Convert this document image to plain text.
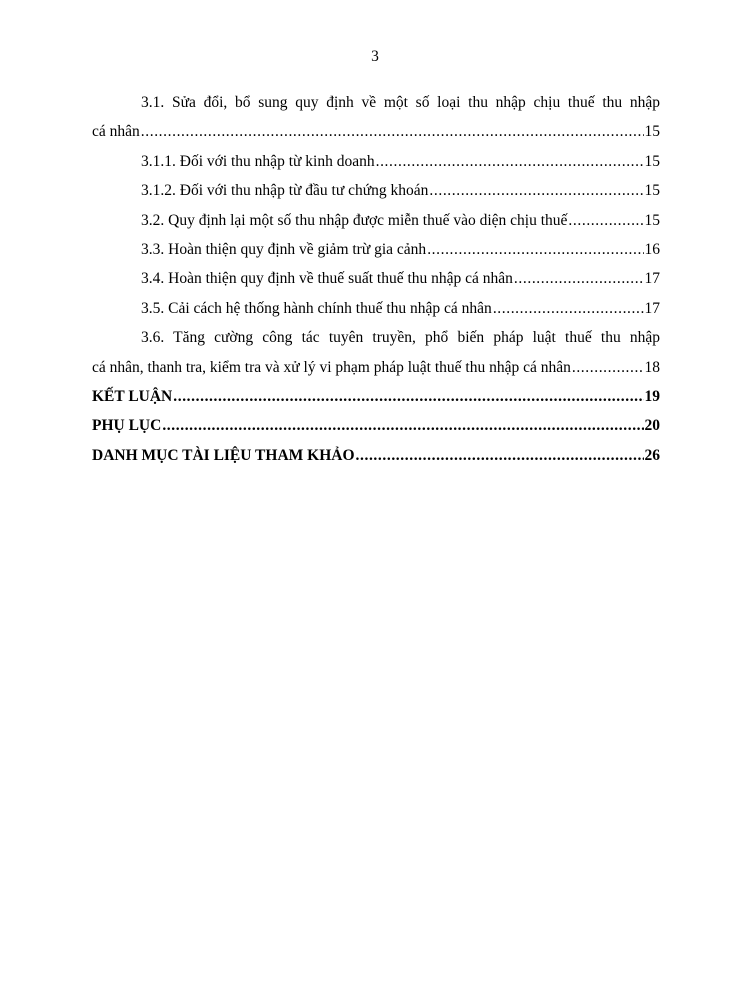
3
3.1. Sửa đổi, bổ sung quy định về một số loại thu nhập chịu thuế thu nhập
cá nhân .....	15
3.1.1. Đối với thu nhập từ kinh doanh .....	15
3.1.2. Đối với thu nhập từ đầu tư chứng khoán .....	15
3.2. Quy định lại một số thu nhập được miễn thuế vào diện chịu thuế .....	15
3.3. Hoàn thiện quy định về giảm trừ gia cảnh .....	16
3.4. Hoàn thiện quy định về thuế suất thuế thu nhập cá nhân .....	17
3.5. Cải cách hệ thống hành chính thuế thu nhập cá nhân .....	17
3.6. Tăng cường công tác tuyên truyền, phổ biến pháp luật thuế thu nhập
cá nhân, thanh tra, kiểm tra và xử lý vi phạm pháp luật thuế thu nhập cá nhân .....	18
KẾT LUẬN .....	19
PHỤ LỤC .....	20
DANH MỤC TÀI LIỆU THAM KHẢO .....	26
